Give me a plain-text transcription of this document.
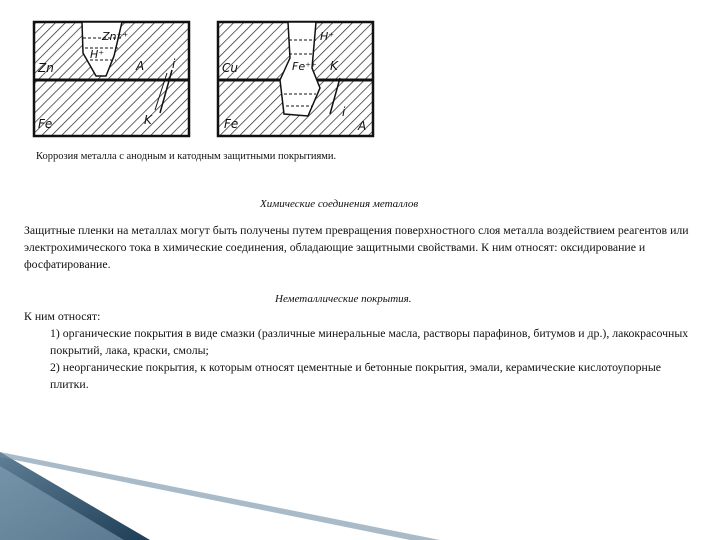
Zn
Fe
H⁺
Zn⁺⁺
A
K
i	Cu
Fe
H⁺
Fe⁺⁺ K
A
i
Коррозия металла с анодным и катодным защитными покрытиями.
Химические соединения металлов
Защитные пленки на металлах могут быть получены путем превращения поверхностного слоя металла воздействием реагентов или электрохимического тока в химические соединения, обладающие защитными свойствами. К ним относят: оксидирование и фосфатирование.
Неметаллические покрытия.
К ним относят:
1) органические покрытия в виде смазки (различные минеральные масла, растворы парафинов, битумов и др.), лакокрасочных покрытий, лака, краски, смолы;
2) неорганические покрытия, к которым относят цементные и бетонные покрытия, эмали, керамические кислотоупорные плитки.
